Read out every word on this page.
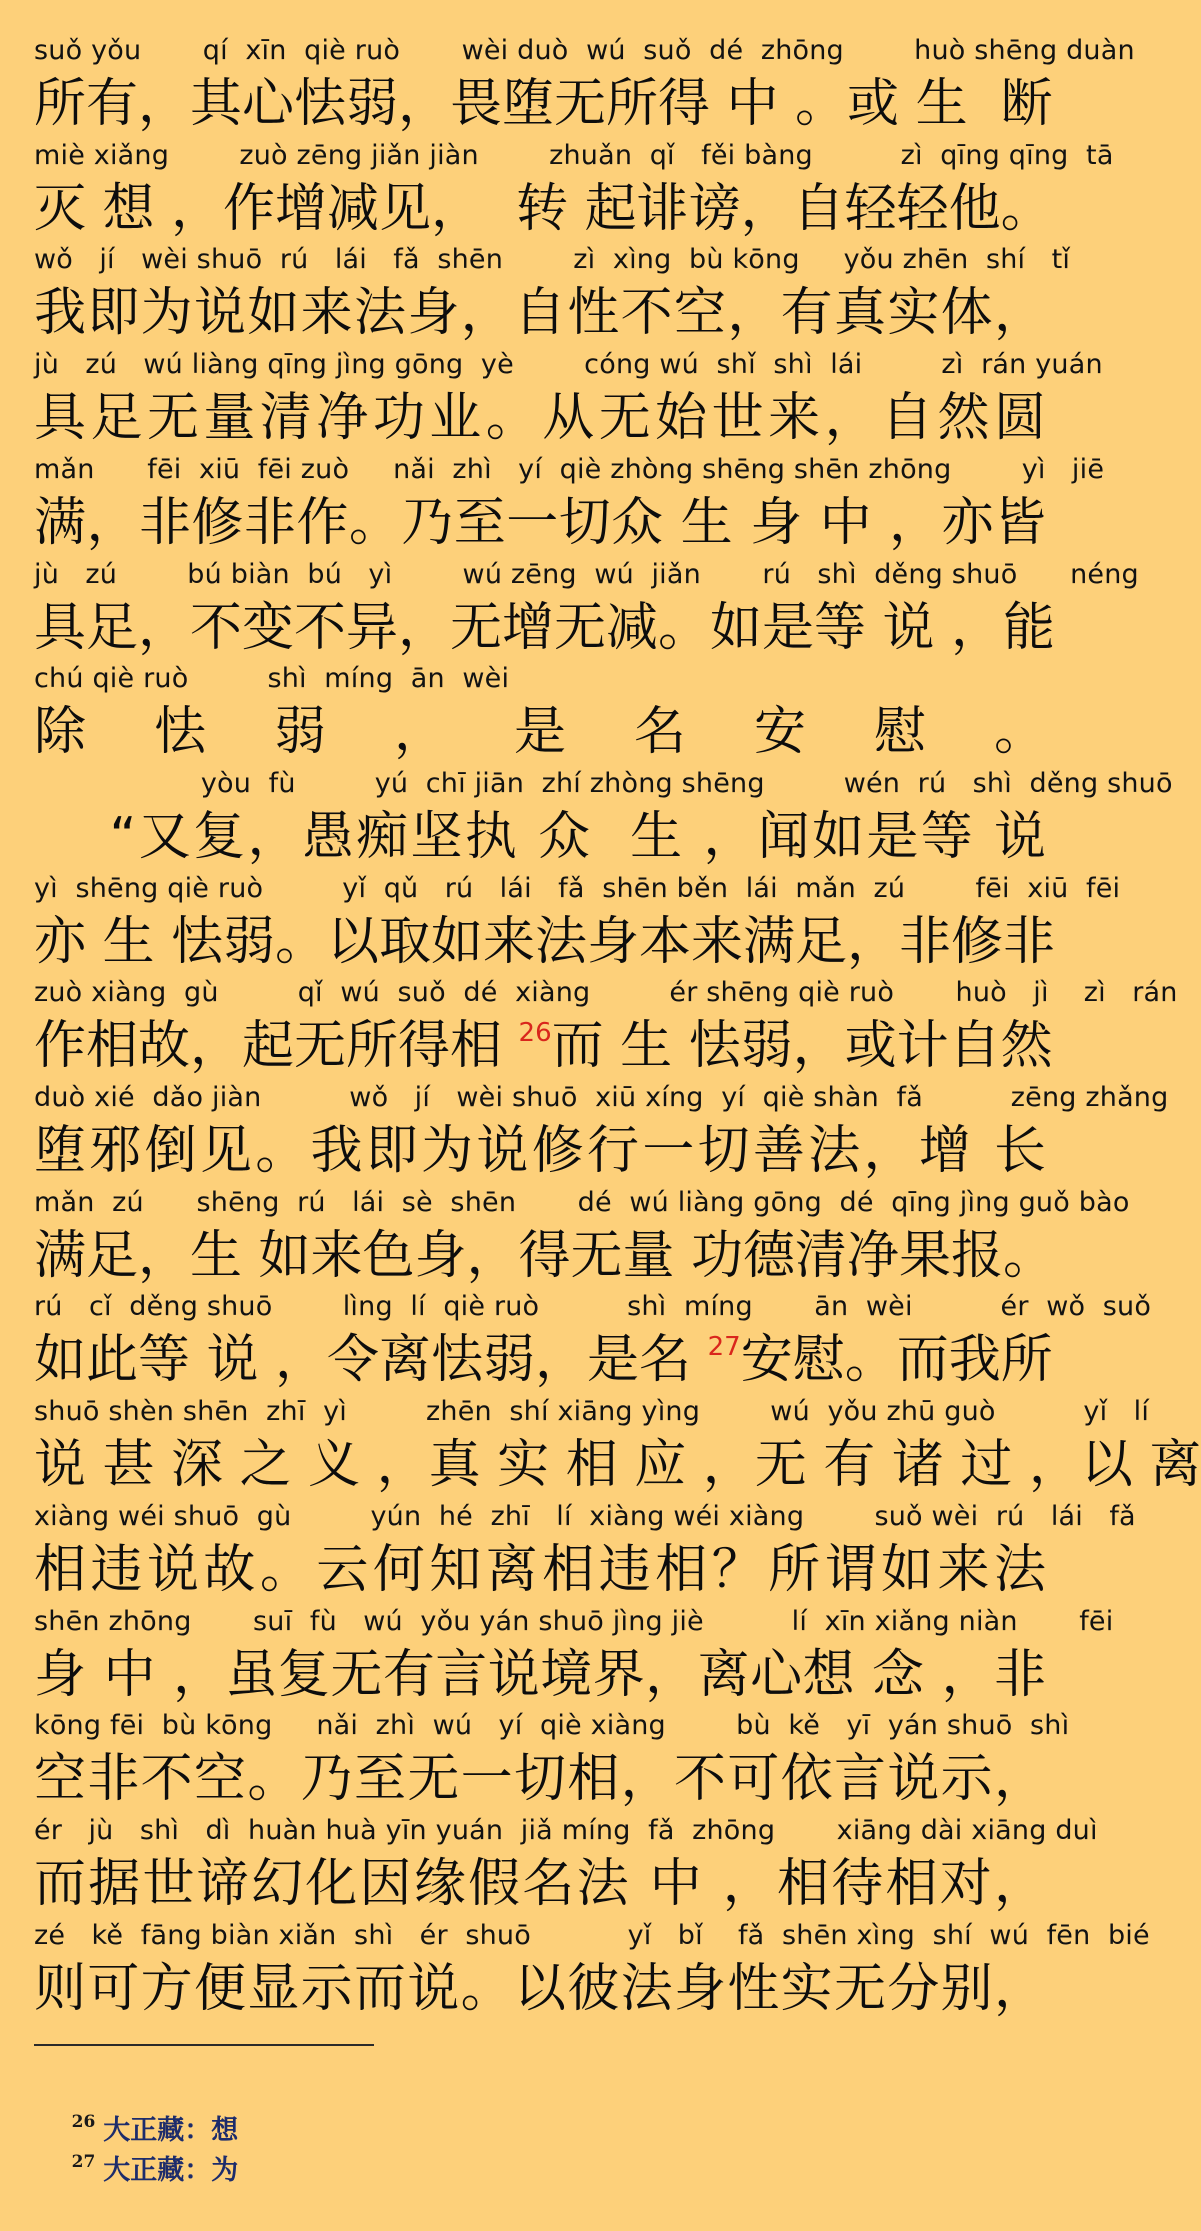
suǒ yǒu       qí  xīn  qiè ruò       wèi duò  wú  suǒ  dé  zhōng        huò shēng duàn
所有，其心怯弱，畏堕无所得 中 。或 生  断
miè xiǎng        zuò zēng jiǎn jiàn        zhuǎn  qǐ   fěi bàng          zì  qīng qīng  tā
灭 想 ，作增减见，  转 起诽谤，自轻轻他。
wǒ   jí   wèi shuō  rú   lái   fǎ  shēn        zì  xìng  bù kōng     yǒu zhēn  shí   tǐ
我即为说如来法身，自性不空，有真实体，
jù   zú   wú liàng qīng jìng gōng  yè        cóng wú  shǐ  shì  lái         zì  rán yuán
具足无量清净功业。从无始世来，自然圆
mǎn      fēi  xiū  fēi zuò     nǎi  zhì   yí  qiè zhòng shēng shēn zhōng        yì   jiē
满，非修非作。乃至一切众 生 身 中 ，亦皆
jù   zú        bú biàn  bú   yì        wú zēng  wú  jiǎn       rú   shì  děng shuō      néng
具足，不变不异，无增无减。如是等 说 ，能
chú qiè ruò         shì  míng  ān  wèi
除怯弱，是名安慰。
yòu  fù         yú  chī jiān  zhí zhòng shēng         wén  rú   shì  děng shuō
“又复，愚痴坚执 众  生 ，闻如是等 说
yì  shēng qiè ruò         yǐ  qǔ   rú   lái   fǎ  shēn běn  lái  mǎn  zú        fēi  xiū  fēi
亦 生 怯弱。以取如来法身本来满足，非修非
zuò xiàng  gù         qǐ  wú  suǒ  dé  xiàng         ér shēng qiè ruò       huò   jì    zì   rán
作相故，起无所得相 $^{26}$而 生 怯弱，或计自然
duò xié  dǎo jiàn          wǒ   jí   wèi shuō  xiū xíng  yí  qiè shàn  fǎ          zēng zhǎng
堕邪倒见。我即为说修行一切善法，增 长
mǎn  zú      shēng  rú   lái  sè  shēn       dé  wú liàng gōng  dé  qīng jìng guǒ bào
满足，生 如来色身，得无量 功德清净果报。
rú   cǐ  děng shuō        lìng  lí  qiè ruò          shì  míng       ān  wèi          ér  wǒ  suǒ
如此等 说 ，令离怯弱，是名 $^{27}$安慰。而我所
shuō shèn shēn  zhī  yì         zhēn  shí xiāng yìng        wú  yǒu zhū guò          yǐ   lí
说 甚 深 之 义 ，真 实 相 应 ，无 有 诸 过 ，以 离
xiàng wéi shuō  gù         yún  hé  zhī   lí  xiàng wéi xiàng        suǒ wèi  rú   lái   fǎ
相违说故。云何知离相违相？所谓如来法
shēn zhōng       suī  fù   wú  yǒu yán shuō jìng jiè          lí  xīn xiǎng niàn       fēi
身 中 ，虽复无有言说境界，离心想 念 ，非
kōng fēi  bù kōng     nǎi  zhì  wú   yí  qiè xiàng        bù  kě   yī  yán shuō  shì
空非不空。乃至无一切相，不可依言说示，
ér   jù   shì   dì  huàn huà yīn yuán  jiǎ míng  fǎ  zhōng       xiāng dài xiāng duì
而据世谛幻化因缘假名法 中 ，相待相对，
zé   kě  fāng biàn xiǎn  shì   ér  shuō           yǐ   bǐ    fǎ  shēn xìng  shí  wú  fēn  bié
则可方便显示而说。以彼法身性实无分别，

$^{26}$ 大正藏：想

$^{27}$ 大正藏：为
